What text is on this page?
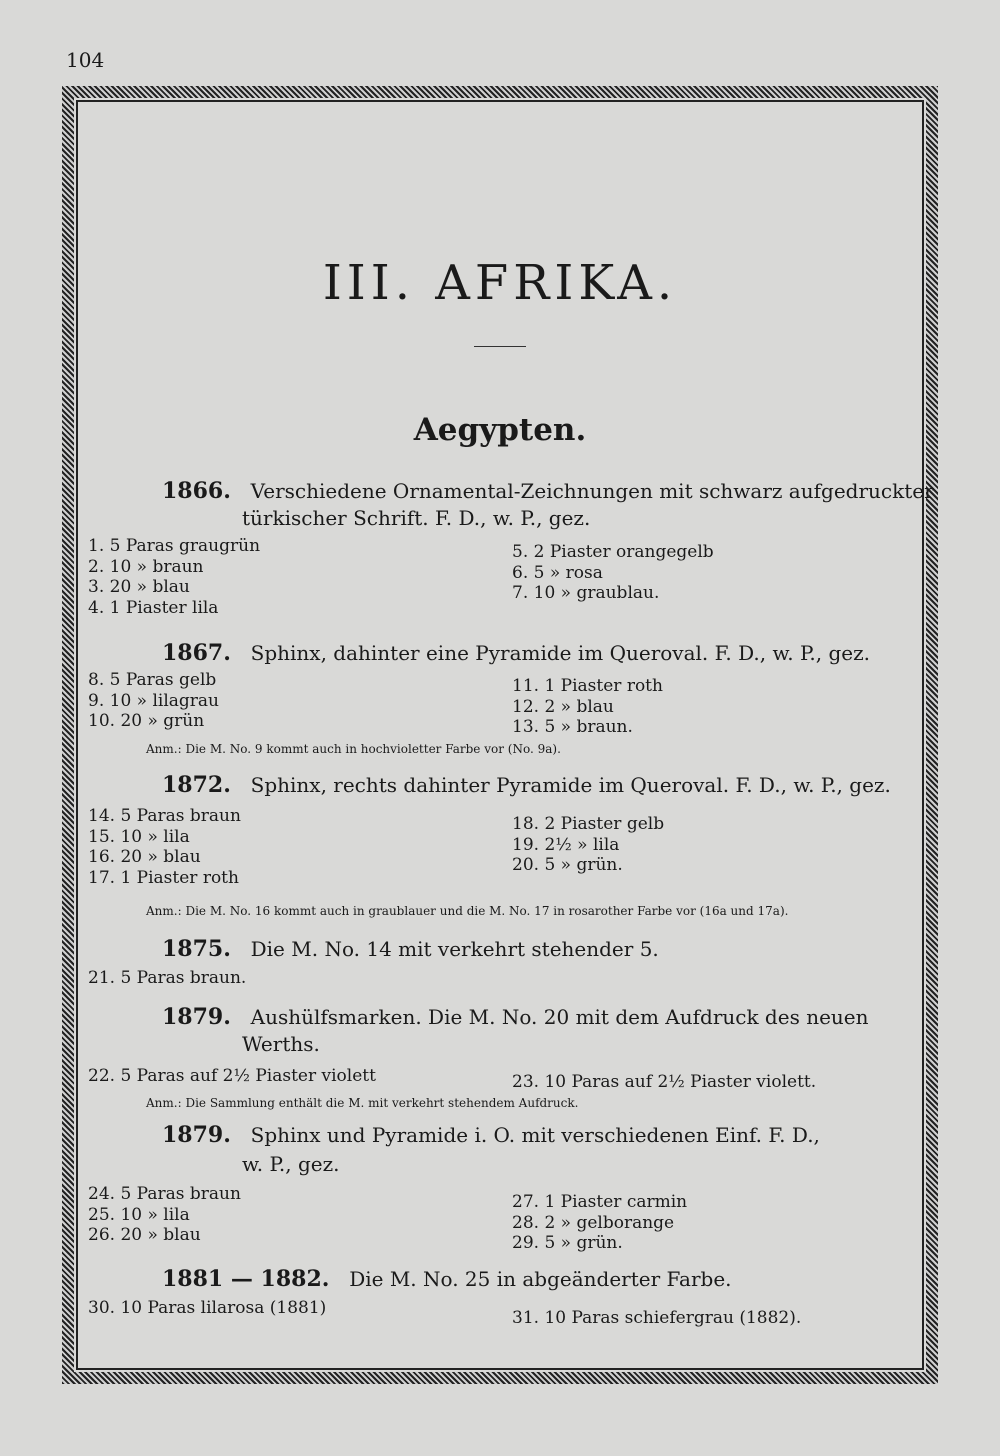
104
III. AFRIKA.
Aegypten.
1866. Verschiedene Ornamental-Zeichnungen mit schwarz aufgedruckter
türkischer Schrift. F. D., w. P., gez.
1. 5 Paras graugrün
2. 10 » braun
3. 20 » blau
4. 1 Piaster lila
5. 2 Piaster orangegelb
6. 5 » rosa
7. 10 » graublau.
1867. Sphinx, dahinter eine Pyramide im Queroval. F. D., w. P., gez.
8. 5 Paras gelb
9. 10 » lilagrau
10. 20 » grün
11. 1 Piaster roth
12. 2 » blau
13. 5 » braun.
Anm.: Die M. No. 9 kommt auch in hochvioletter Farbe vor (No. 9a).
1872. Sphinx, rechts dahinter Pyramide im Queroval. F. D., w. P., gez.
14. 5 Paras braun
15. 10 » lila
16. 20 » blau
17. 1 Piaster roth
18. 2 Piaster gelb
19. 2½ » lila
20. 5 » grün.
Anm.: Die M. No. 16 kommt auch in graublauer und die M. No. 17 in rosarother Farbe vor (16a und 17a).
1875. Die M. No. 14 mit verkehrt stehender 5.
21. 5 Paras braun.
1879. Aushülfsmarken. Die M. No. 20 mit dem Aufdruck des neuen
Werths.
22. 5 Paras auf 2½ Piaster violett	23. 10 Paras auf 2½ Piaster violett.
Anm.: Die Sammlung enthält die M. mit verkehrt stehendem Aufdruck.
1879. Sphinx und Pyramide i. O. mit verschiedenen Einf. F. D.,
w. P., gez.
24. 5 Paras braun
25. 10 » lila
26. 20 » blau
27. 1 Piaster carmin
28. 2 » gelborange
29. 5 » grün.
1881 — 1882. Die M. No. 25 in abgeänderter Farbe.
30. 10 Paras lilarosa (1881)	31. 10 Paras schiefergrau (1882).
